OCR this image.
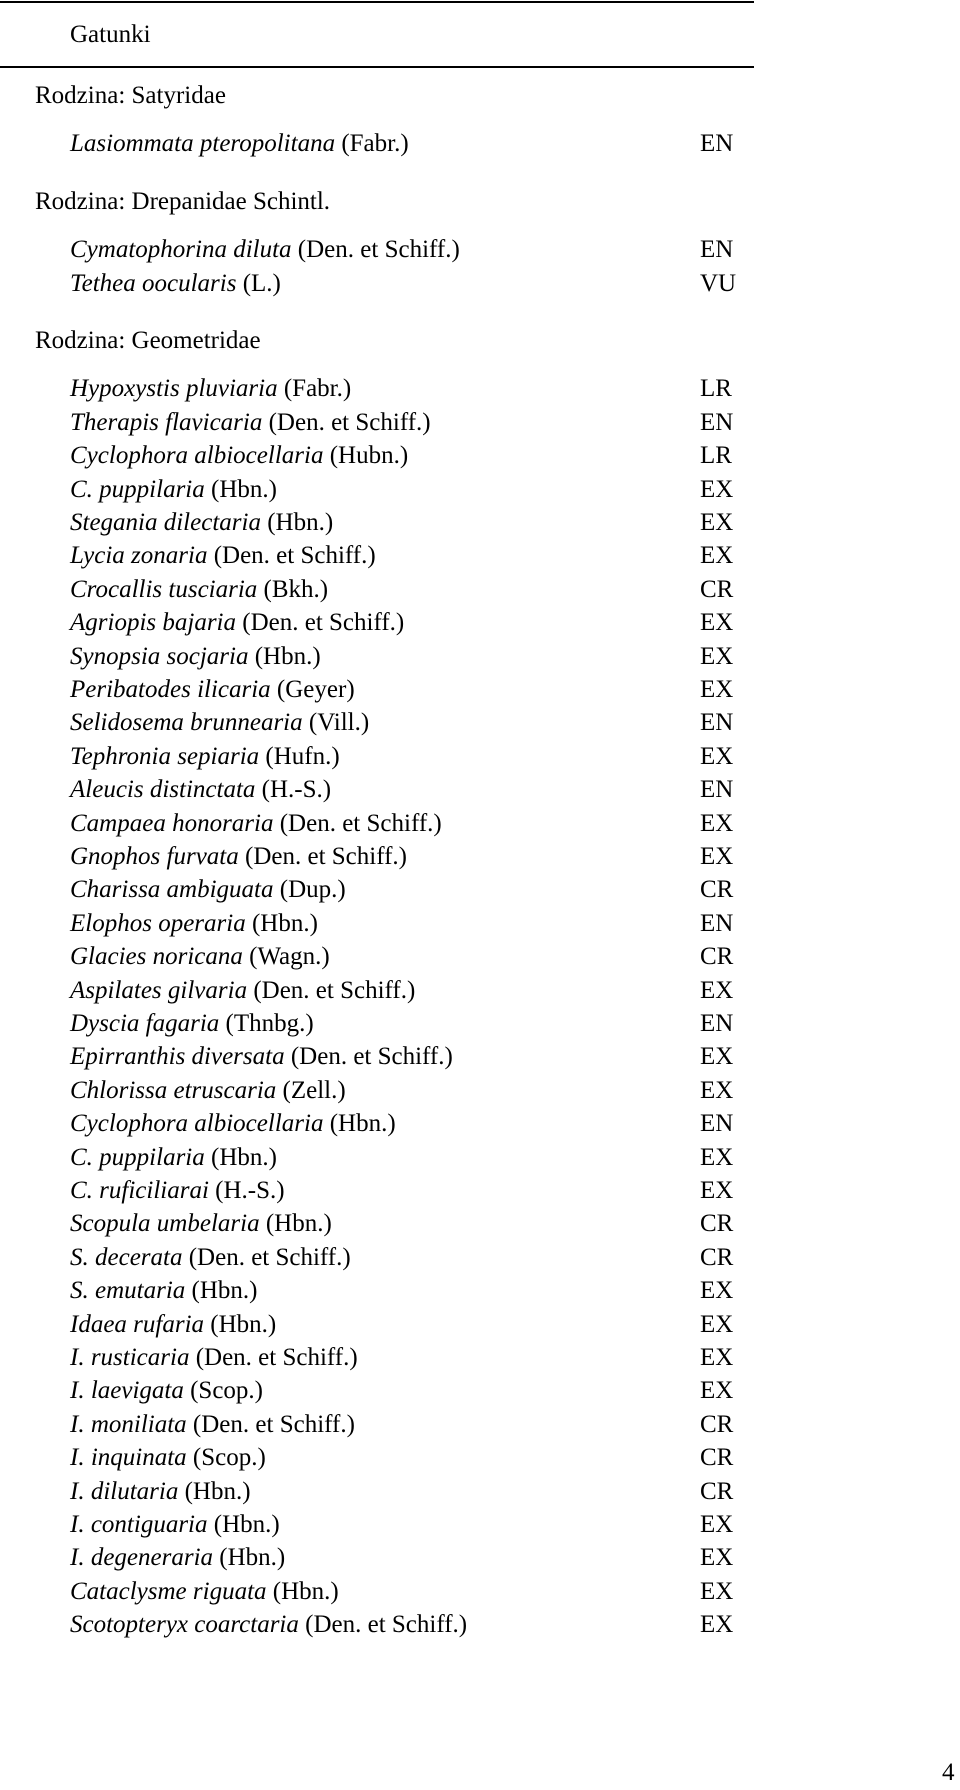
Gatunki
Rodzina: Satyridae
Lasiommata pteropolitana (Fabr.)	EN
Rodzina: Drepanidae Schintl.
Cymatophorina diluta (Den. et Schiff.)	EN
Tethea oocularis (L.)	VU
Rodzina: Geometridae
Hypoxystis pluviaria (Fabr.)	LR
Therapis flavicaria (Den. et Schiff.)	EN
Cyclophora albiocellaria (Hubn.)	LR
C. puppilaria (Hbn.)	EX
Stegania dilectaria (Hbn.)	EX
Lycia zonaria (Den. et Schiff.)	EX
Crocallis tusciaria (Bkh.)	CR
Agriopis bajaria (Den. et Schiff.)	EX
Synopsia socjaria (Hbn.)	EX
Peribatodes ilicaria (Geyer)	EX
Selidosema brunnearia (Vill.)	EN
Tephronia sepiaria (Hufn.)	EX
Aleucis distinctata (H.-S.)	EN
Campaea honoraria (Den. et Schiff.)	EX
Gnophos furvata (Den. et Schiff.)	EX
Charissa ambiguata (Dup.)	CR
Elophos operaria (Hbn.)	EN
Glacies noricana (Wagn.)	CR
Aspilates gilvaria (Den. et Schiff.)	EX
Dyscia fagaria (Thnbg.)	EN
Epirranthis diversata (Den. et Schiff.)	EX
Chlorissa etruscaria (Zell.)	EX
Cyclophora albiocellaria (Hbn.)	EN
C. puppilaria (Hbn.)	EX
C. ruficiliarai (H.-S.)	EX
Scopula umbelaria (Hbn.)	CR
S. decerata (Den. et Schiff.)	CR
S. emutaria (Hbn.)	EX
Idaea rufaria (Hbn.)	EX
I. rusticaria (Den. et Schiff.)	EX
I. laevigata (Scop.)	EX
I. moniliata (Den. et Schiff.)	CR
I. inquinata (Scop.)	CR
I. dilutaria (Hbn.)	CR
I. contiguaria (Hbn.)	EX
I. degeneraria (Hbn.)	EX
Cataclysme riguata (Hbn.)	EX
Scotopteryx coarctaria (Den. et Schiff.)	EX
4
